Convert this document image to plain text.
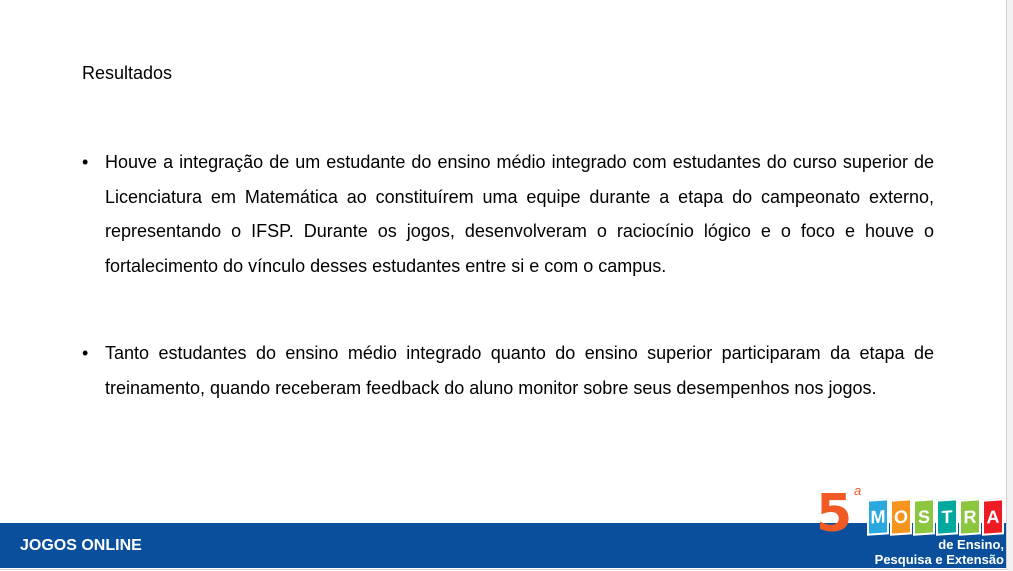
Resultados
• Houve a integração de um estudante do ensino médio integrado com estudantes do curso superior de Licenciatura em Matemática ao constituírem uma equipe durante a etapa do campeonato externo, representando o IFSP. Durante os jogos, desenvolveram o raciocínio lógico e o foco e houve o fortalecimento do vínculo desses estudantes entre si e com o campus.
• Tanto estudantes do ensino médio integrado quanto do ensino superior participaram da etapa de treinamento, quando receberam feedback do aluno monitor sobre seus desempenhos nos jogos.
JOGOS ONLINE
5 a
M O S T R A
de Ensino,
Pesquisa e Extensão
